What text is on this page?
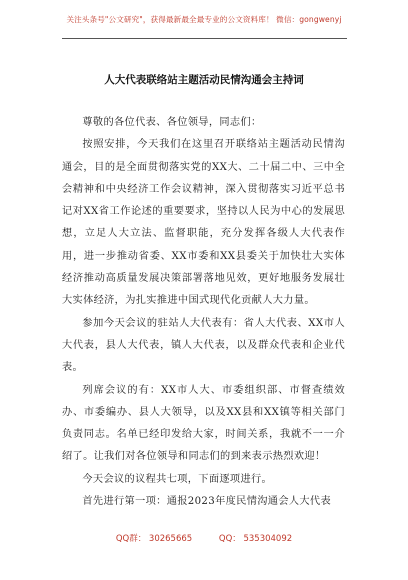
关注头条号"公文研究"，获得最新最全最专业的公文资料库！ 微信：gongwenyj
人大代表联络站主题活动民情沟通会主持词

尊敬的各位代表、各位领导，同志们：

按照安排，今天我们在这里召开联络站主题活动民情沟通会，目的是全面贯彻落实党的XX大、二十届二中、三中全会精神和中央经济工作会议精神，深入贯彻落实习近平总书记对XX省工作论述的重要要求，坚持以人民为中心的发展思想，立足人大立法、监督职能，充分发挥各级人大代表作用，进一步推动省委、XX市委和XX县委关于加快壮大实体经济推动高质量发展决策部署落地见效，更好地服务发展壮大实体经济，为扎实推进中国式现代化贡献人大力量。

参加今天会议的驻站人大代表有：省人大代表、XX市人大代表，县人大代表，镇人大代表，以及群众代表和企业代表。

列席会议的有：XX市人大、市委组织部、市督查绩效办、市委编办、县人大领导，以及XX县和XX镇等相关部门负责同志。名单已经印发给大家，时间关系，我就不一一介绍了。让我们对各位领导和同志们的到来表示热烈欢迎！

今天会议的议程共七项，下面逐项进行。

首先进行第一项：通报2023年度民情沟通会人大代表

QQ群： 30265665	QQ： 535304092
